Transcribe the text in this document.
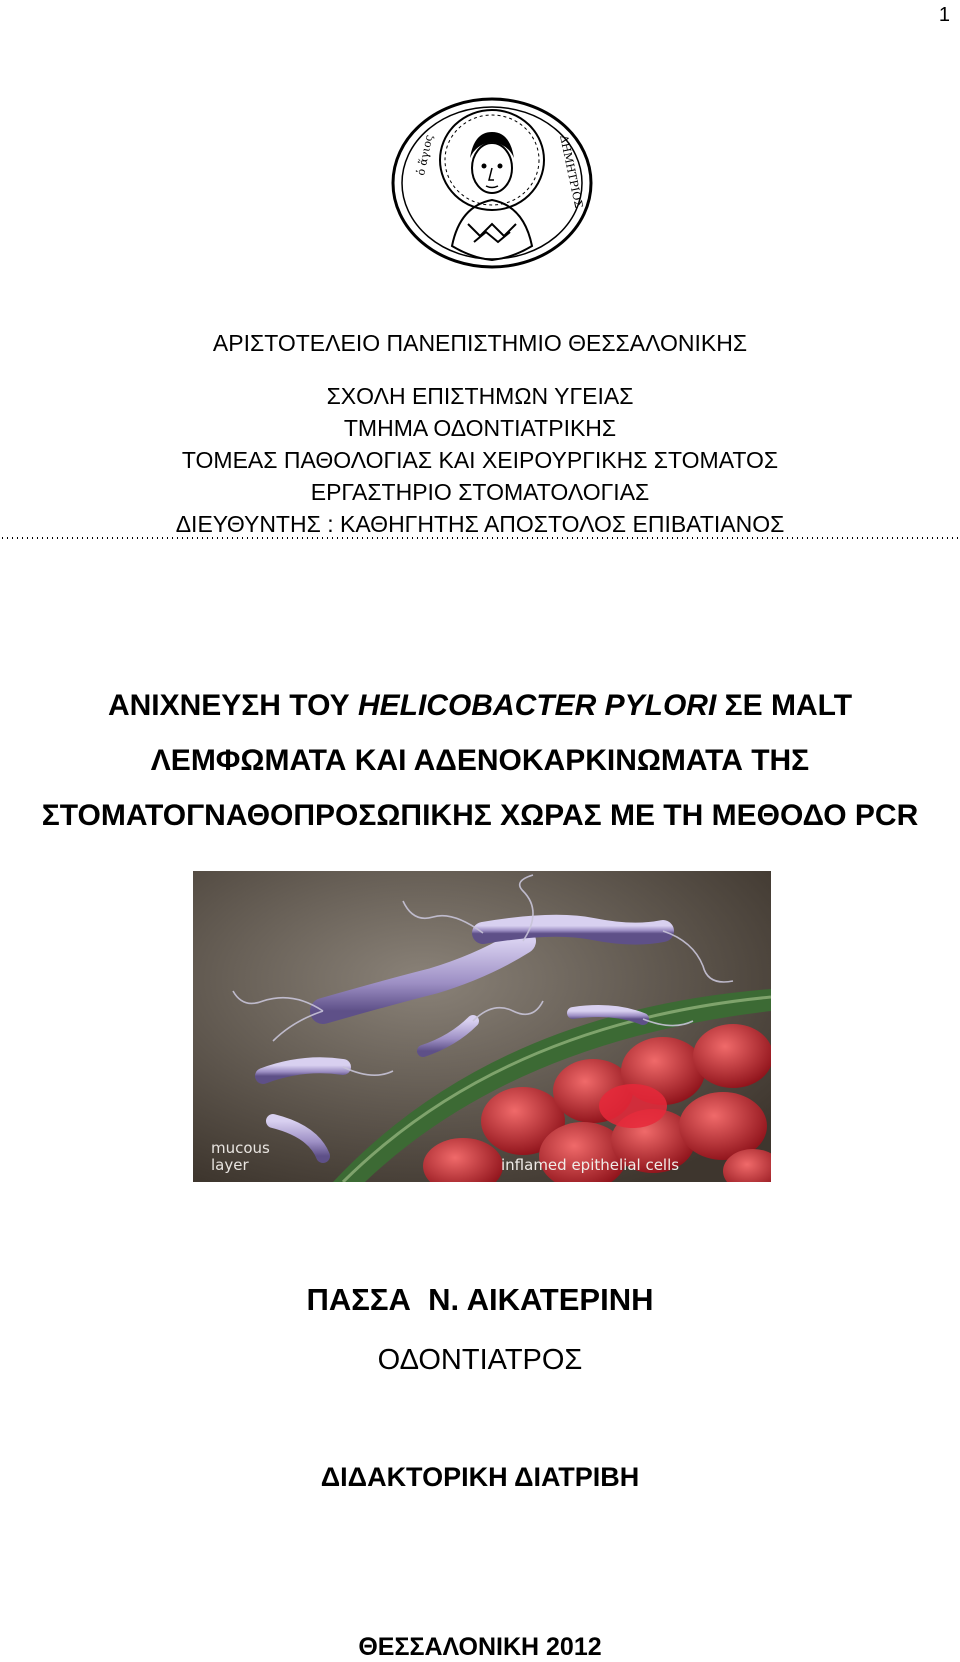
1
ὁ ἅγιος	ΔΗΜΗΤΡΙΟΣ
ΑΡΙΣΤΟΤΕΛΕΙΟ ΠΑΝΕΠΙΣΤΗΜΙΟ ΘΕΣΣΑΛΟΝΙΚΗΣ
ΣΧΟΛΗ ΕΠΙΣΤΗΜΩΝ ΥΓΕΙΑΣ
ΤΜΗΜΑ ΟΔΟΝΤΙΑΤΡΙΚΗΣ
ΤΟΜΕΑΣ ΠΑΘΟΛΟΓΙΑΣ ΚΑΙ ΧΕΙΡΟΥΡΓΙΚΗΣ ΣΤΟΜΑΤΟΣ
ΕΡΓΑΣΤΗΡΙΟ ΣΤΟΜΑΤΟΛΟΓΙΑΣ
ΔΙΕΥΘΥΝΤΗΣ : ΚΑΘΗΓΗΤΗΣ ΑΠΟΣΤΟΛΟΣ ΕΠΙΒΑΤΙΑΝΟΣ
ΑΝΙΧΝΕΥΣΗ ΤΟΥ HELICOBACTER PYLORI ΣΕ MALT
ΛΕΜΦΩΜΑΤΑ ΚΑΙ ΑΔΕΝΟΚΑΡΚΙΝΩΜΑΤΑ ΤΗΣ
ΣΤΟΜΑΤΟΓΝΑΘΟΠΡΟΣΩΠΙΚΗΣ ΧΩΡΑΣ ΜΕ ΤΗ ΜΕΘΟΔΟ PCR
mucous
layer	inflamed epithelial cells
ΠΑΣΣΑ  Ν. ΑΙΚΑΤΕΡΙΝΗ
ΟΔΟΝΤΙΑΤΡΟΣ
ΔΙΔΑΚΤΟΡΙΚΗ ΔΙΑΤΡΙΒΗ
ΘΕΣΣΑΛΟΝΙΚΗ 2012
